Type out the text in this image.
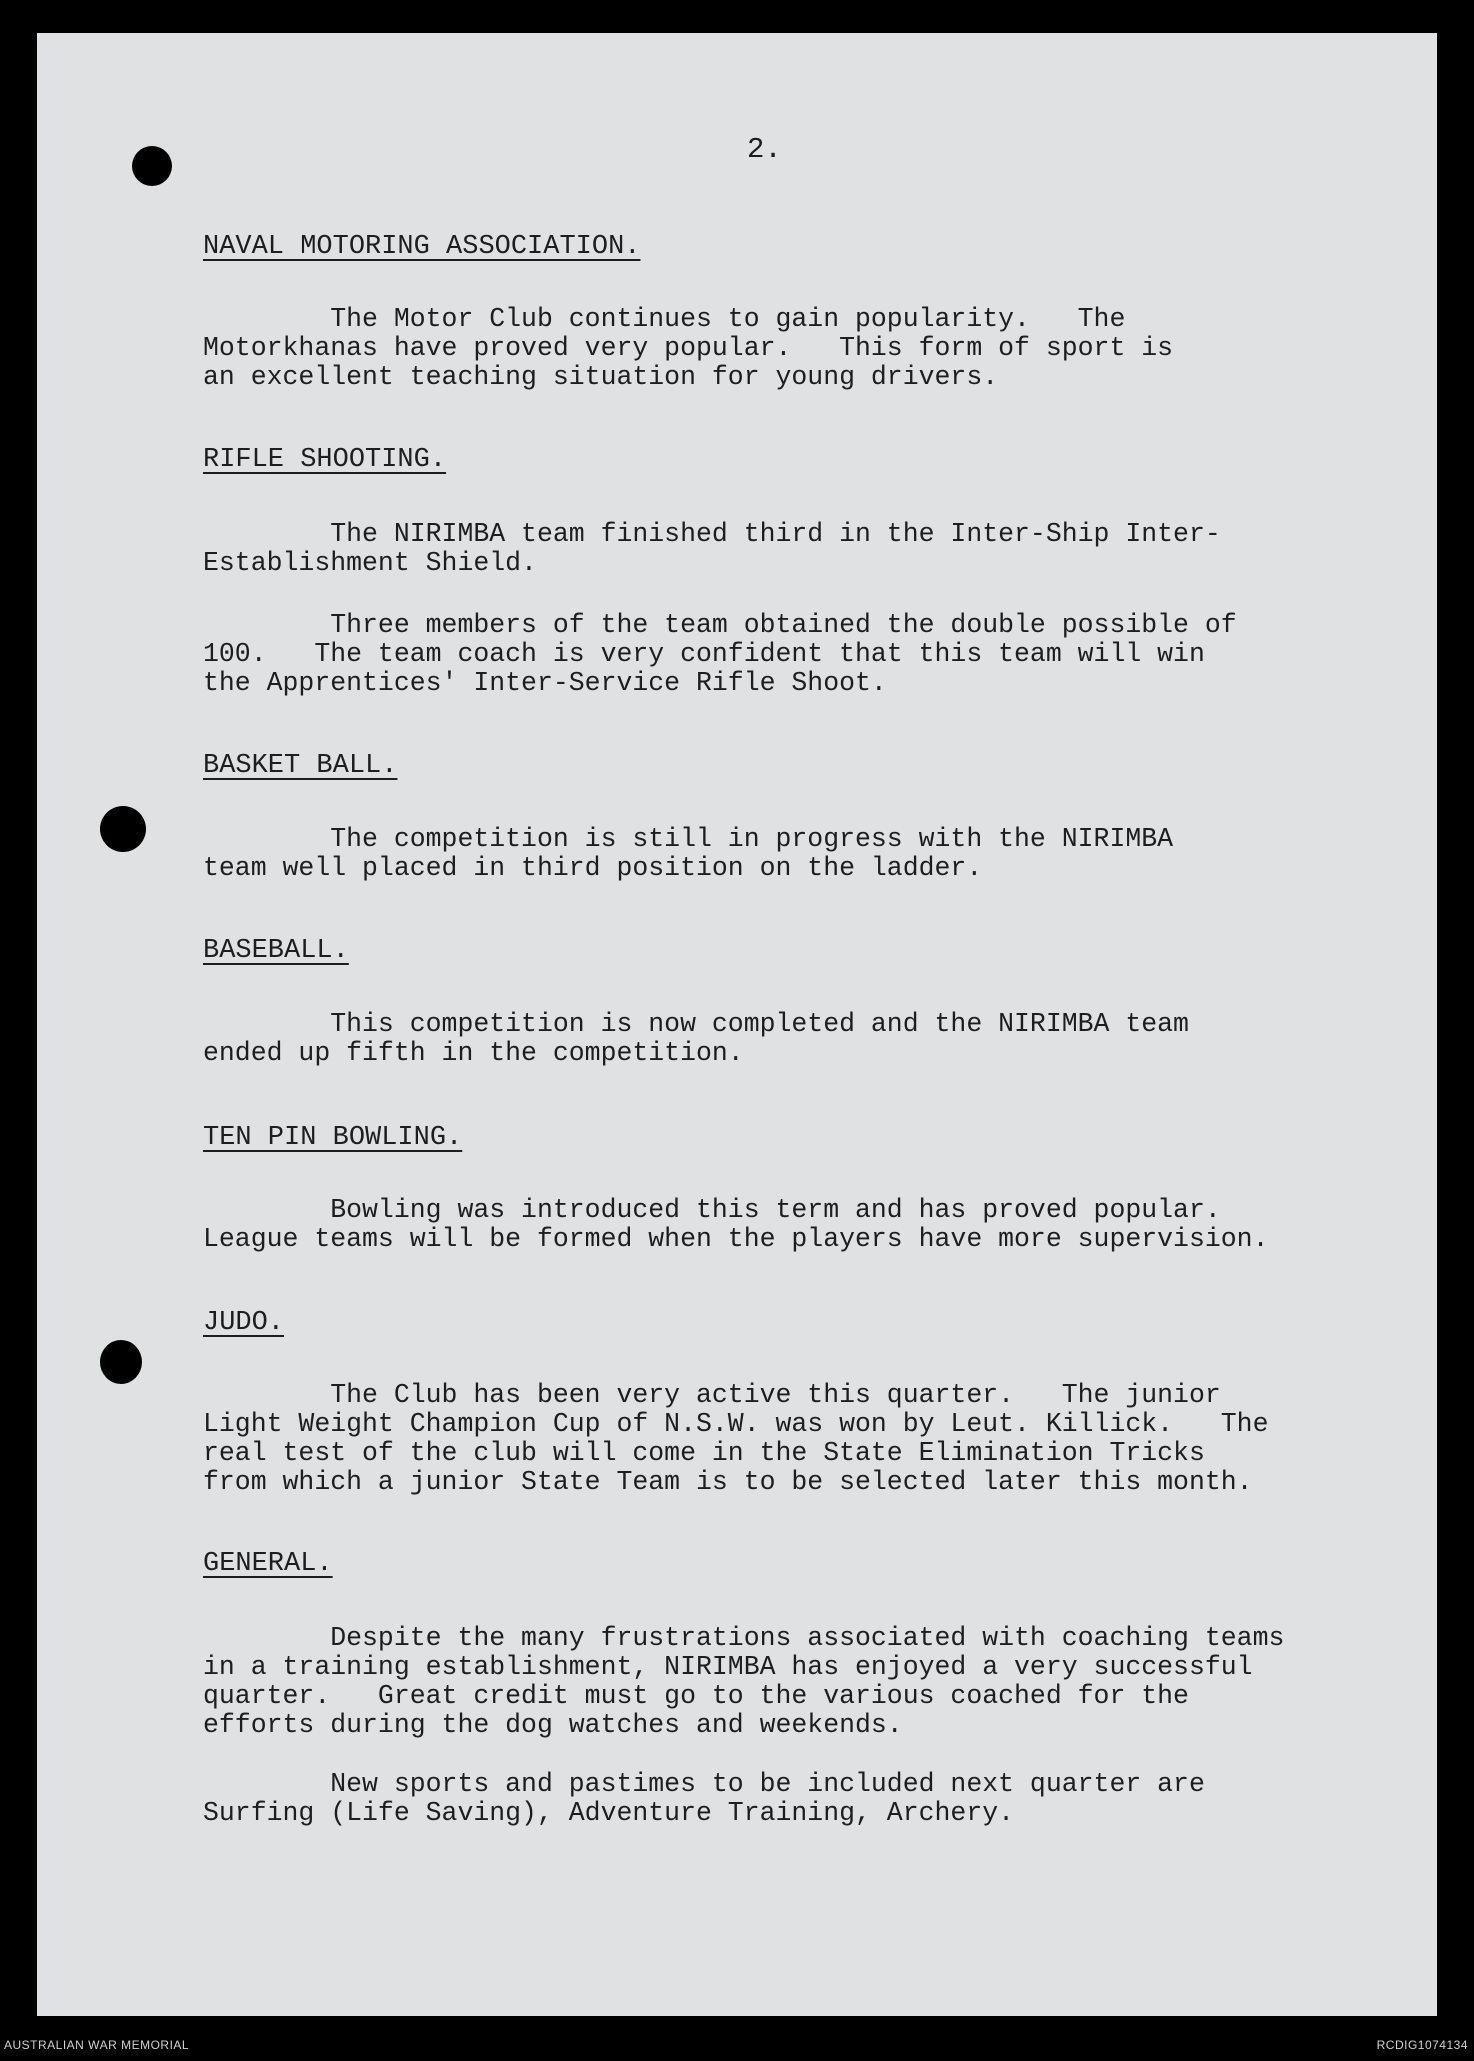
2.
NAVAL MOTORING ASSOCIATION.
The Motor Club continues to gain popularity.   The
Motorkhanas have proved very popular.   This form of sport is
an excellent teaching situation for young drivers.
RIFLE SHOOTING.
The NIRIMBA team finished third in the Inter-Ship Inter-
Establishment Shield.
Three members of the team obtained the double possible of
100.   The team coach is very confident that this team will win
the Apprentices' Inter-Service Rifle Shoot.
BASKET BALL.
The competition is still in progress with the NIRIMBA
team well placed in third position on the ladder.
BASEBALL.
This competition is now completed and the NIRIMBA team
ended up fifth in the competition.
TEN PIN BOWLING.
Bowling was introduced this term and has proved popular.
League teams will be formed when the players have more supervision.
JUDO.
The Club has been very active this quarter.   The junior
Light Weight Champion Cup of N.S.W. was won by Leut. Killick.   The
real test of the club will come in the State Elimination Tricks
from which a junior State Team is to be selected later this month.
GENERAL.
Despite the many frustrations associated with coaching teams
in a training establishment, NIRIMBA has enjoyed a very successful
quarter.   Great credit must go to the various coached for the
efforts during the dog watches and weekends.
New sports and pastimes to be included next quarter are
Surfing (Life Saving), Adventure Training, Archery.
AUSTRALIAN WAR MEMORIAL	RCDIG1074134
